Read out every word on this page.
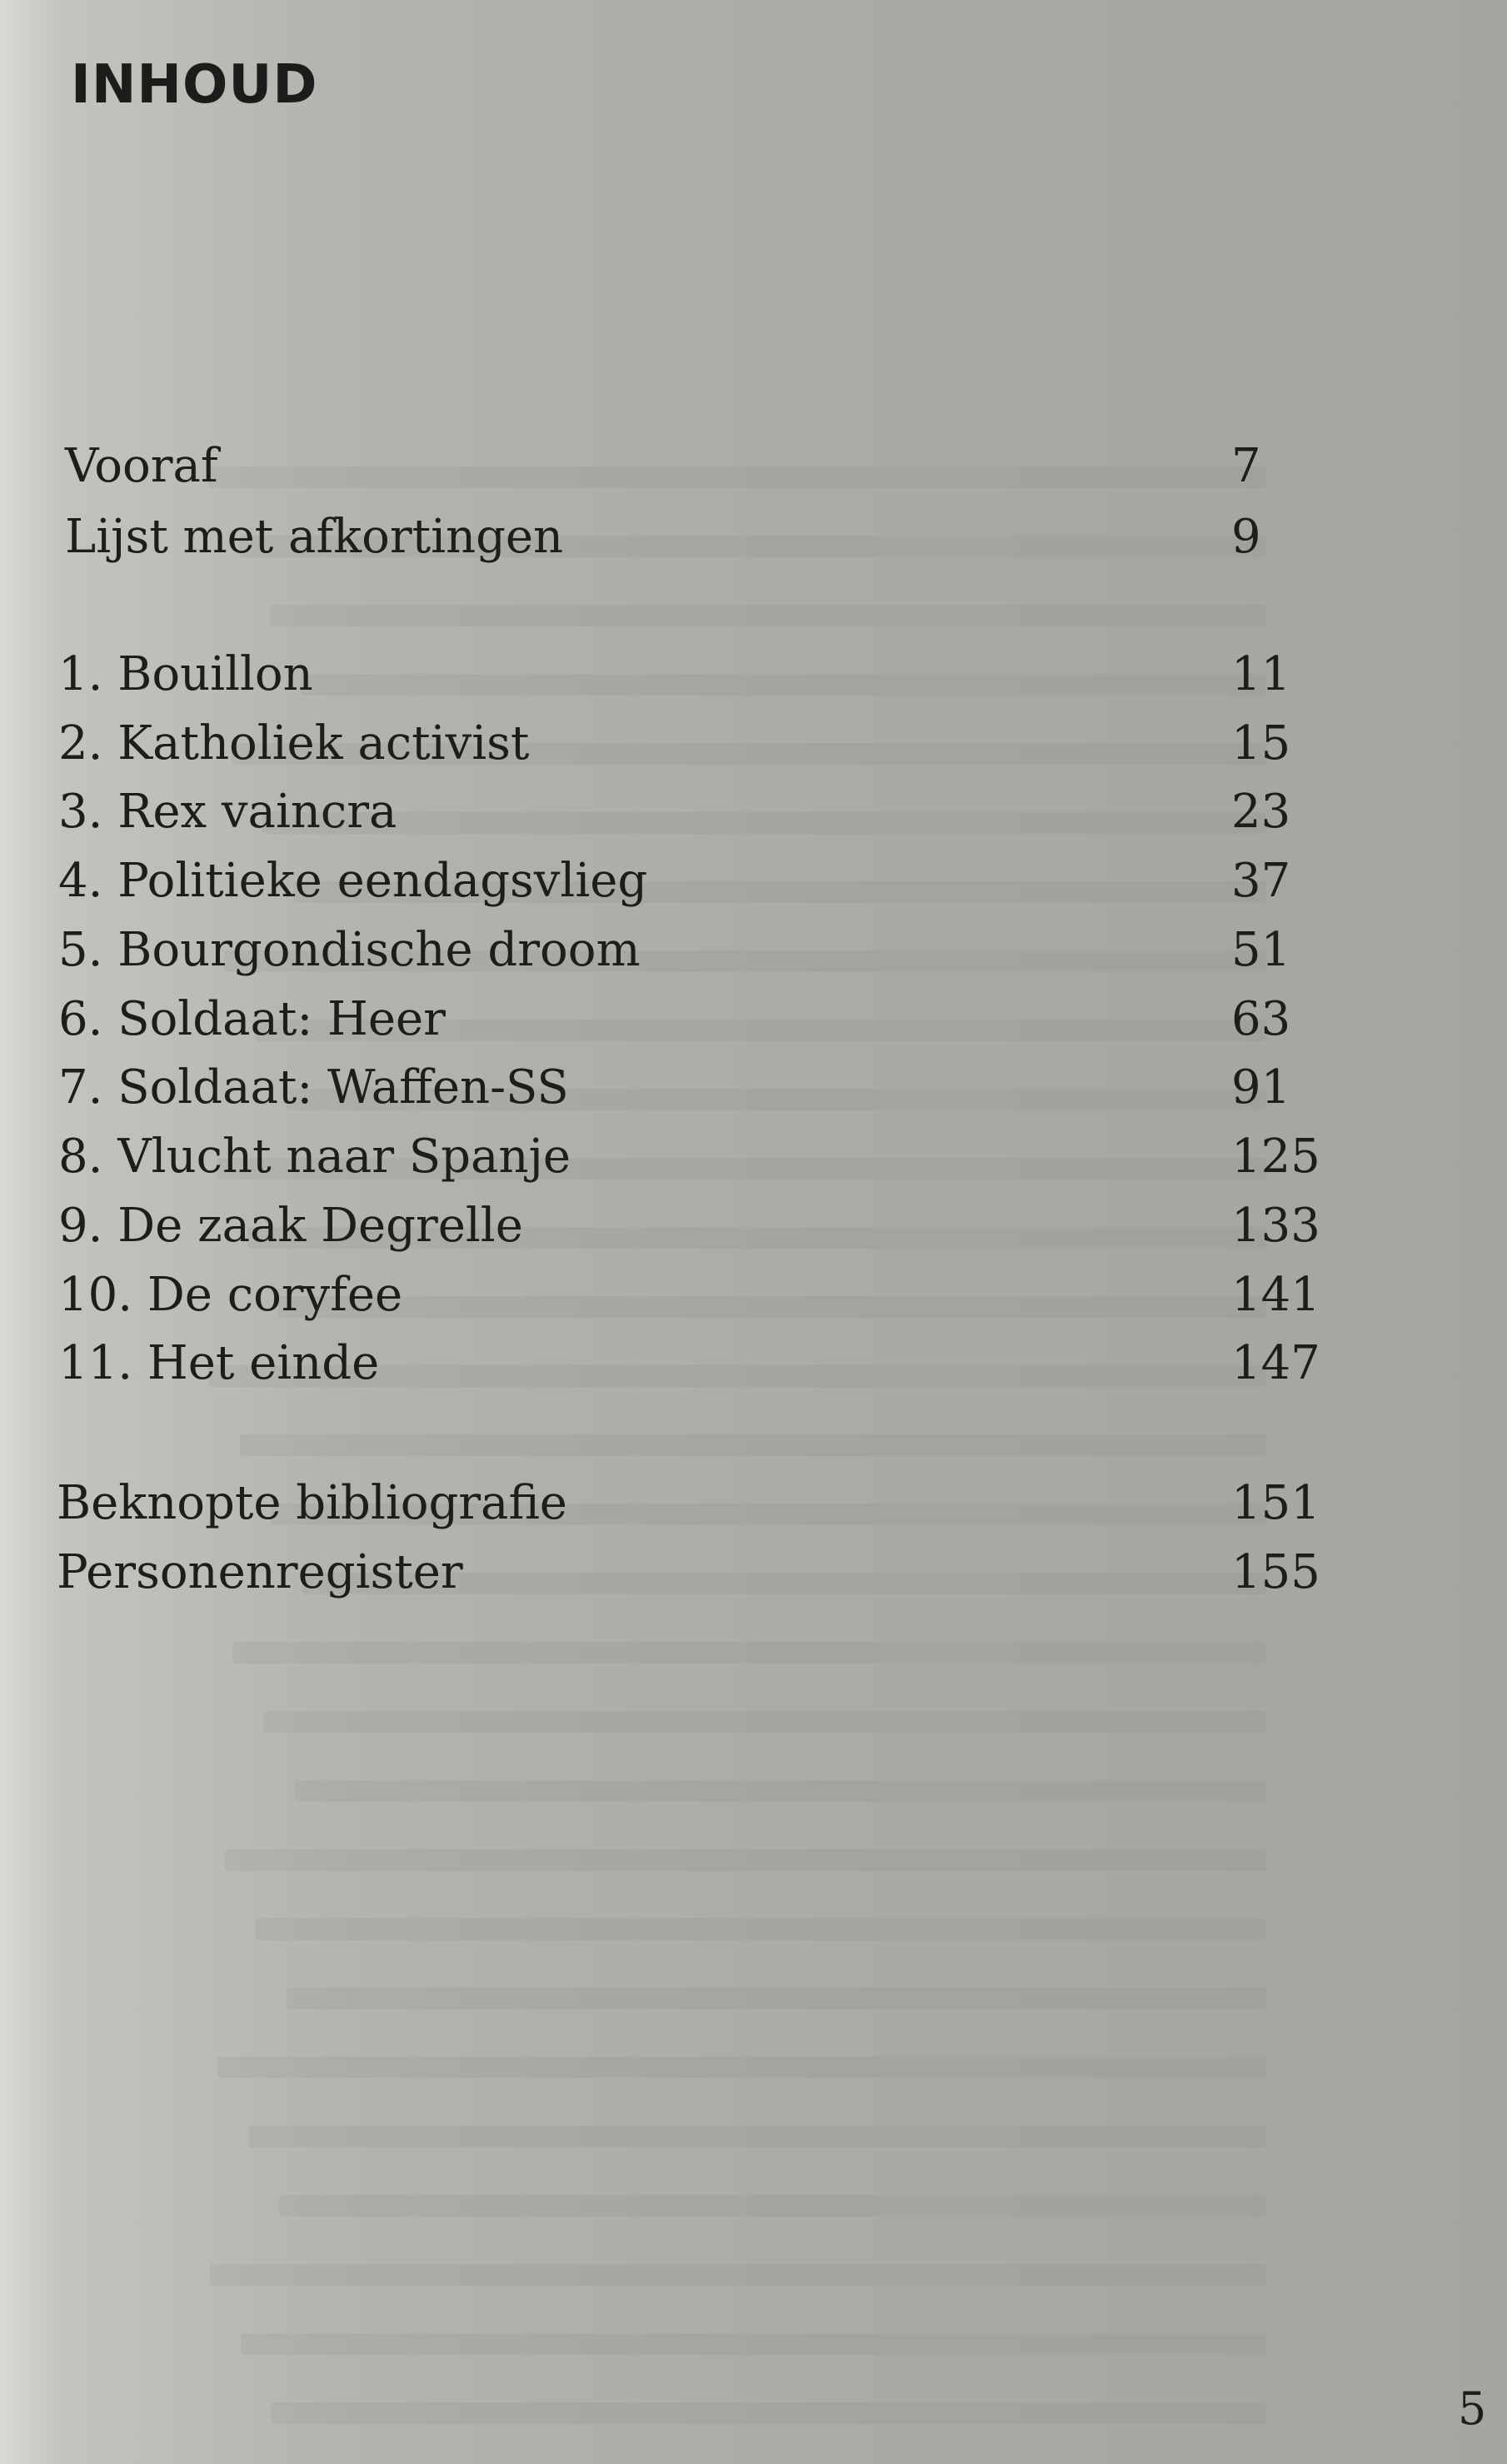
INHOUD
Vooraf	7
Lijst met afkortingen	9
1. Bouillon	11
2. Katholiek activist	15
3. Rex vaincra	23
4. Politieke eendagsvlieg	37
5. Bourgondische droom	51
6. Soldaat: Heer	63
7. Soldaat: Waffen-SS	91
8. Vlucht naar Spanje	125
9. De zaak Degrelle	133
10. De coryfee	141
11. Het einde	147
Beknopte bibliografie	151
Personenregister	155
5
